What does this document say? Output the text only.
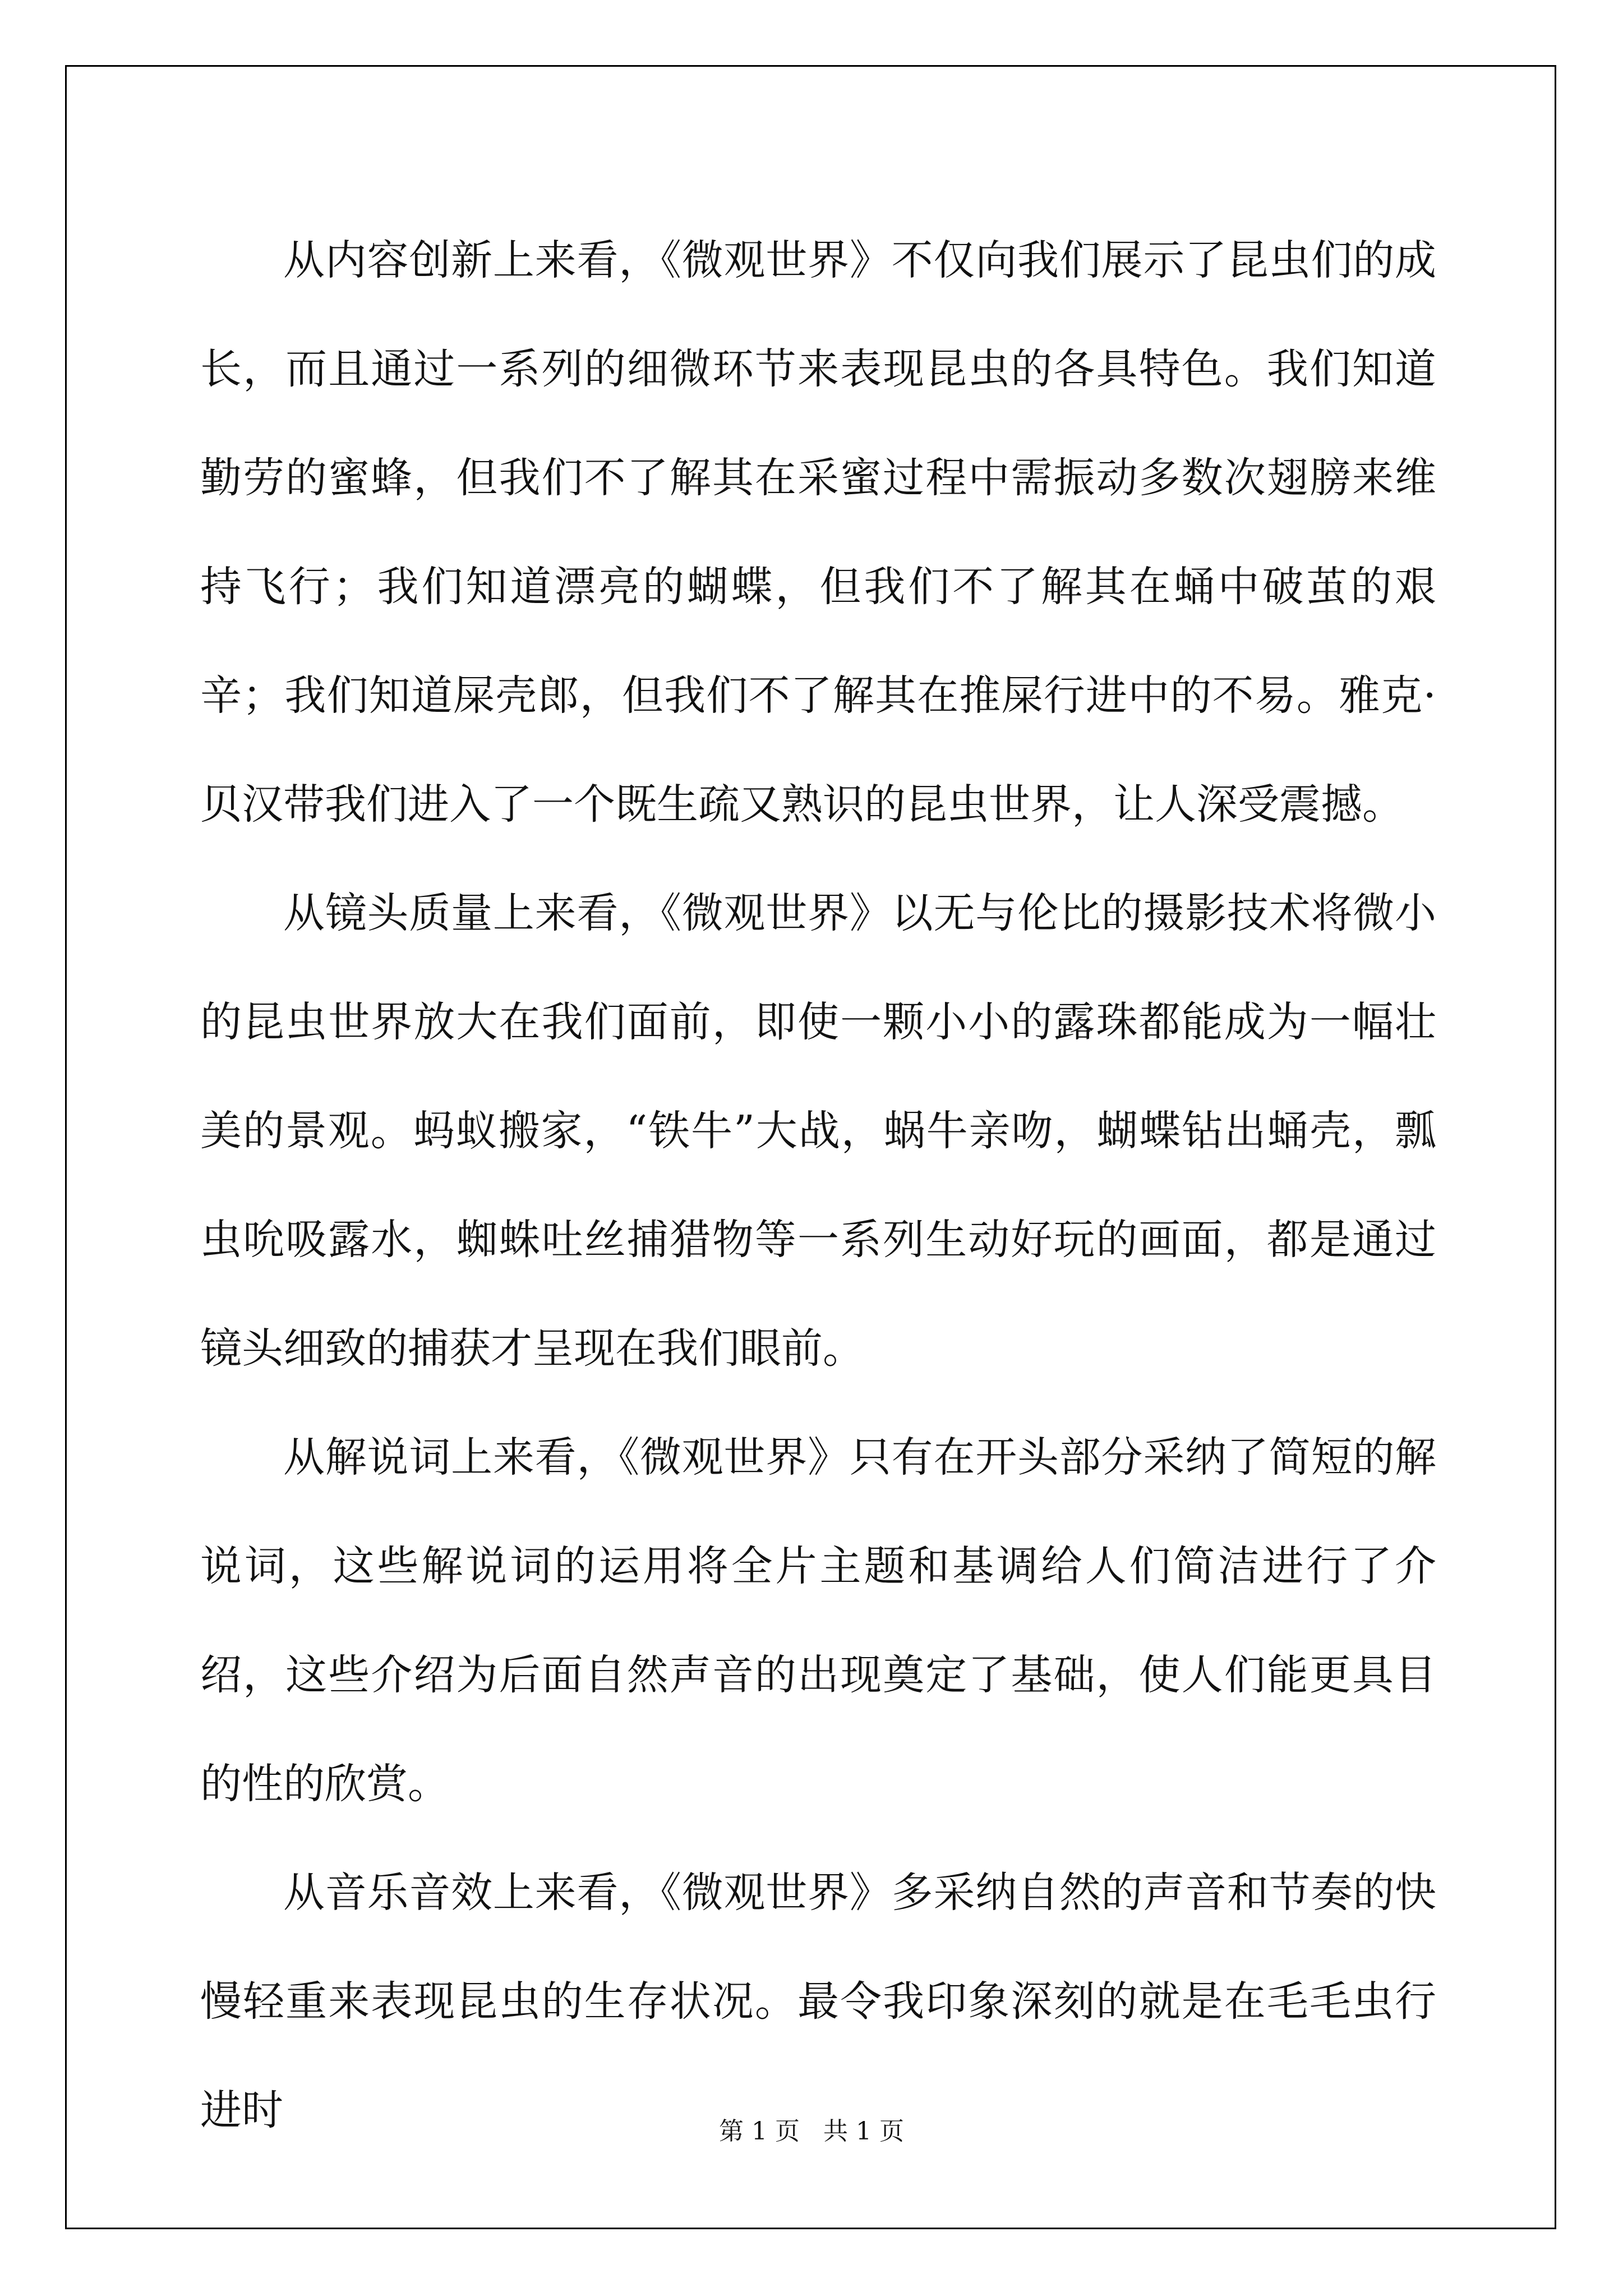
从内容创新上来看，《微观世界》不仅向我们展示了昆虫们的成长，而且通过一系列的细微环节来表现昆虫的各具特色。我们知道勤劳的蜜蜂，但我们不了解其在采蜜过程中需振动多数次翅膀来维持飞行；我们知道漂亮的蝴蝶，但我们不了解其在蛹中破茧的艰辛；我们知道屎壳郎，但我们不了解其在推屎行进中的不易。雅克·贝汉带我们进入了一个既生疏又熟识的昆虫世界，让人深受震撼。

从镜头质量上来看，《微观世界》以无与伦比的摄影技术将微小的昆虫世界放大在我们面前，即使一颗小小的露珠都能成为一幅壮美的景观。蚂蚁搬家，“铁牛”大战，蜗牛亲吻，蝴蝶钻出蛹壳，瓢虫吮吸露水，蜘蛛吐丝捕猎物等一系列生动好玩的画面，都是通过镜头细致的捕获才呈现在我们眼前。

从解说词上来看，《微观世界》只有在开头部分采纳了简短的解说词，这些解说词的运用将全片主题和基调给人们简洁进行了介绍，这些介绍为后面自然声音的出现奠定了基础，使人们能更具目的性的欣赏。

从音乐音效上来看，《微观世界》多采纳自然的声音和节奏的快慢轻重来表现昆虫的生存状况。最令我印象深刻的就是在毛毛虫行进时	第 1 页   共 1 页
